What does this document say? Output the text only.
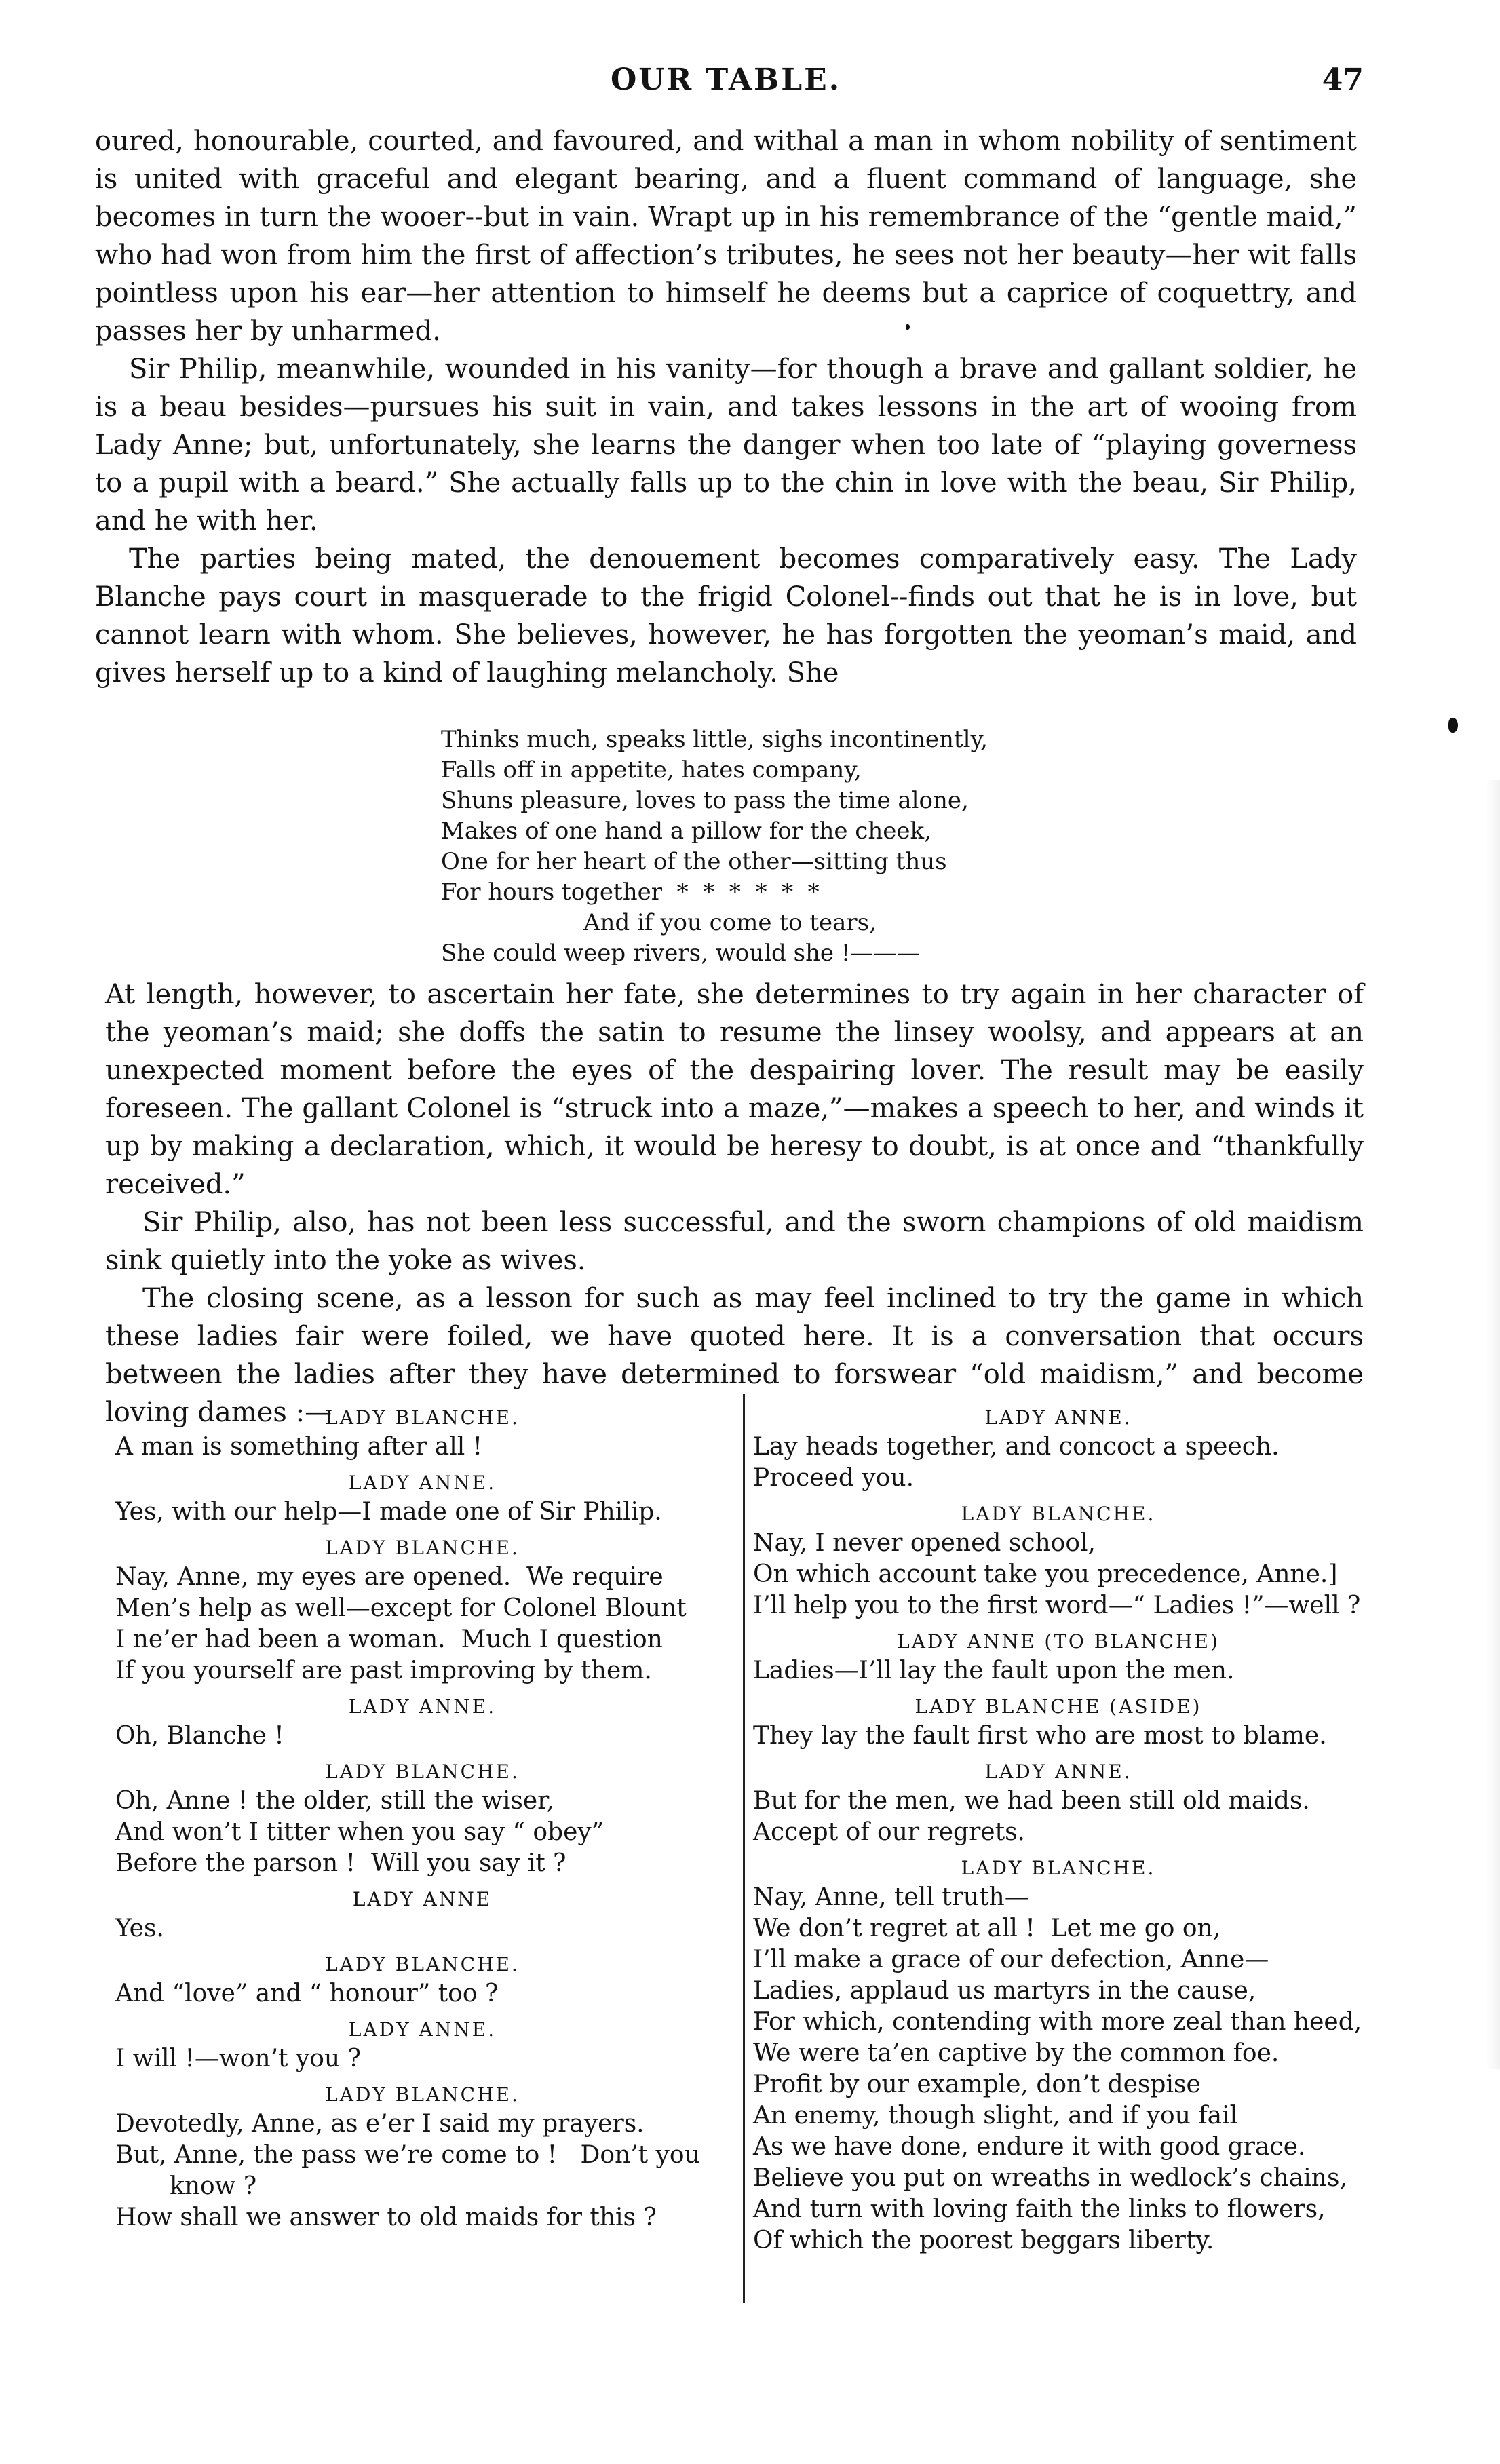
OUR TABLE.	47

oured, honourable, courted, and favoured, and withal a man in whom nobility of sentiment is united with graceful and elegant bearing, and a fluent command of language, she becomes in turn the wooer--but in vain. Wrapt up in his remembrance of the “gentle maid,” who had won from him the first of affection’s tributes, he sees not her beauty—her wit falls pointless upon his ear—her attention to himself he deems but a caprice of coquettry, and passes her by unharmed.

Sir Philip, meanwhile, wounded in his vanity—for though a brave and gallant soldier, he is a beau besides—pursues his suit in vain, and takes lessons in the art of wooing from Lady Anne; but, unfortunately, she learns the danger when too late of “playing governess to a pupil with a beard.” She actually falls up to the chin in love with the beau, Sir Philip, and he with her.

The parties being mated, the denouement becomes comparatively easy. The Lady Blanche pays court in masquerade to the frigid Colonel--finds out that he is in love, but cannot learn with whom. She believes, however, he has forgotten the yeoman’s maid, and gives herself up to a kind of laughing melancholy. She

Thinks much, speaks little, sighs incontinently,
Falls off in appetite, hates company,
Shuns pleasure, loves to pass the time alone,
Makes of one hand a pillow for the cheek,
One for her heart of the other—sitting thus
For hours together  *  *  *  *  *  *
And if you come to tears,
She could weep rivers, would she !———

At length, however, to ascertain her fate, she determines to try again in her character of the yeoman’s maid; she doffs the satin to resume the linsey woolsy, and appears at an unexpected moment before the eyes of the despairing lover. The result may be easily foreseen. The gallant Colonel is “struck into a maze,”—makes a speech to her, and winds it up by making a declaration, which, it would be heresy to doubt, is at once and “thankfully received.”

Sir Philip, also, has not been less successful, and the sworn champions of old maidism sink quietly into the yoke as wives.

The closing scene, as a lesson for such as may feel inclined to try the game in which these ladies fair were foiled, we have quoted here. It is a conversation that occurs between the ladies after they have determined to forswear “old maidism,” and become loving dames :—

LADY BLANCHE.
A man is something after all !
LADY ANNE.
Yes, with our help—I made one of Sir Philip.
LADY BLANCHE.
Nay, Anne, my eyes are opened.  We require
Men’s help as well—except for Colonel Blount
I ne’er had been a woman.  Much I question
If you yourself are past improving by them.
LADY ANNE.
Oh, Blanche !
LADY BLANCHE.
Oh, Anne ! the older, still the wiser,
And won’t I titter when you say “ obey”
Before the parson !  Will you say it ?
LADY ANNE
Yes.
LADY BLANCHE.
And “love” and “ honour” too ?
LADY ANNE.
I will !—won’t you ?
LADY BLANCHE.
Devotedly, Anne, as e’er I said my prayers.
But, Anne, the pass we’re come to !   Don’t you
know ?
How shall we answer to old maids for this ?
LADY ANNE.
Lay heads together, and concoct a speech.
Proceed you.
LADY BLANCHE.
Nay, I never opened school,
On which account take you precedence, Anne.]
I’ll help you to the first word—“ Ladies !”—well ?
LADY ANNE (TO BLANCHE)
Ladies—I’ll lay the fault upon the men.
LADY BLANCHE (ASIDE)
They lay the fault first who are most to blame.
LADY ANNE.
But for the men, we had been still old maids.
Accept of our regrets.
LADY BLANCHE.
Nay, Anne, tell truth—
We don’t regret at all !  Let me go on,
I’ll make a grace of our defection, Anne—
Ladies, applaud us martyrs in the cause,
For which, contending with more zeal than heed,
We were ta’en captive by the common foe.
Profit by our example, don’t despise
An enemy, though slight, and if you fail
As we have done, endure it with good grace.
Believe you put on wreaths in wedlock’s chains,
And turn with loving faith the links to flowers,
Of which the poorest beggars liberty.
